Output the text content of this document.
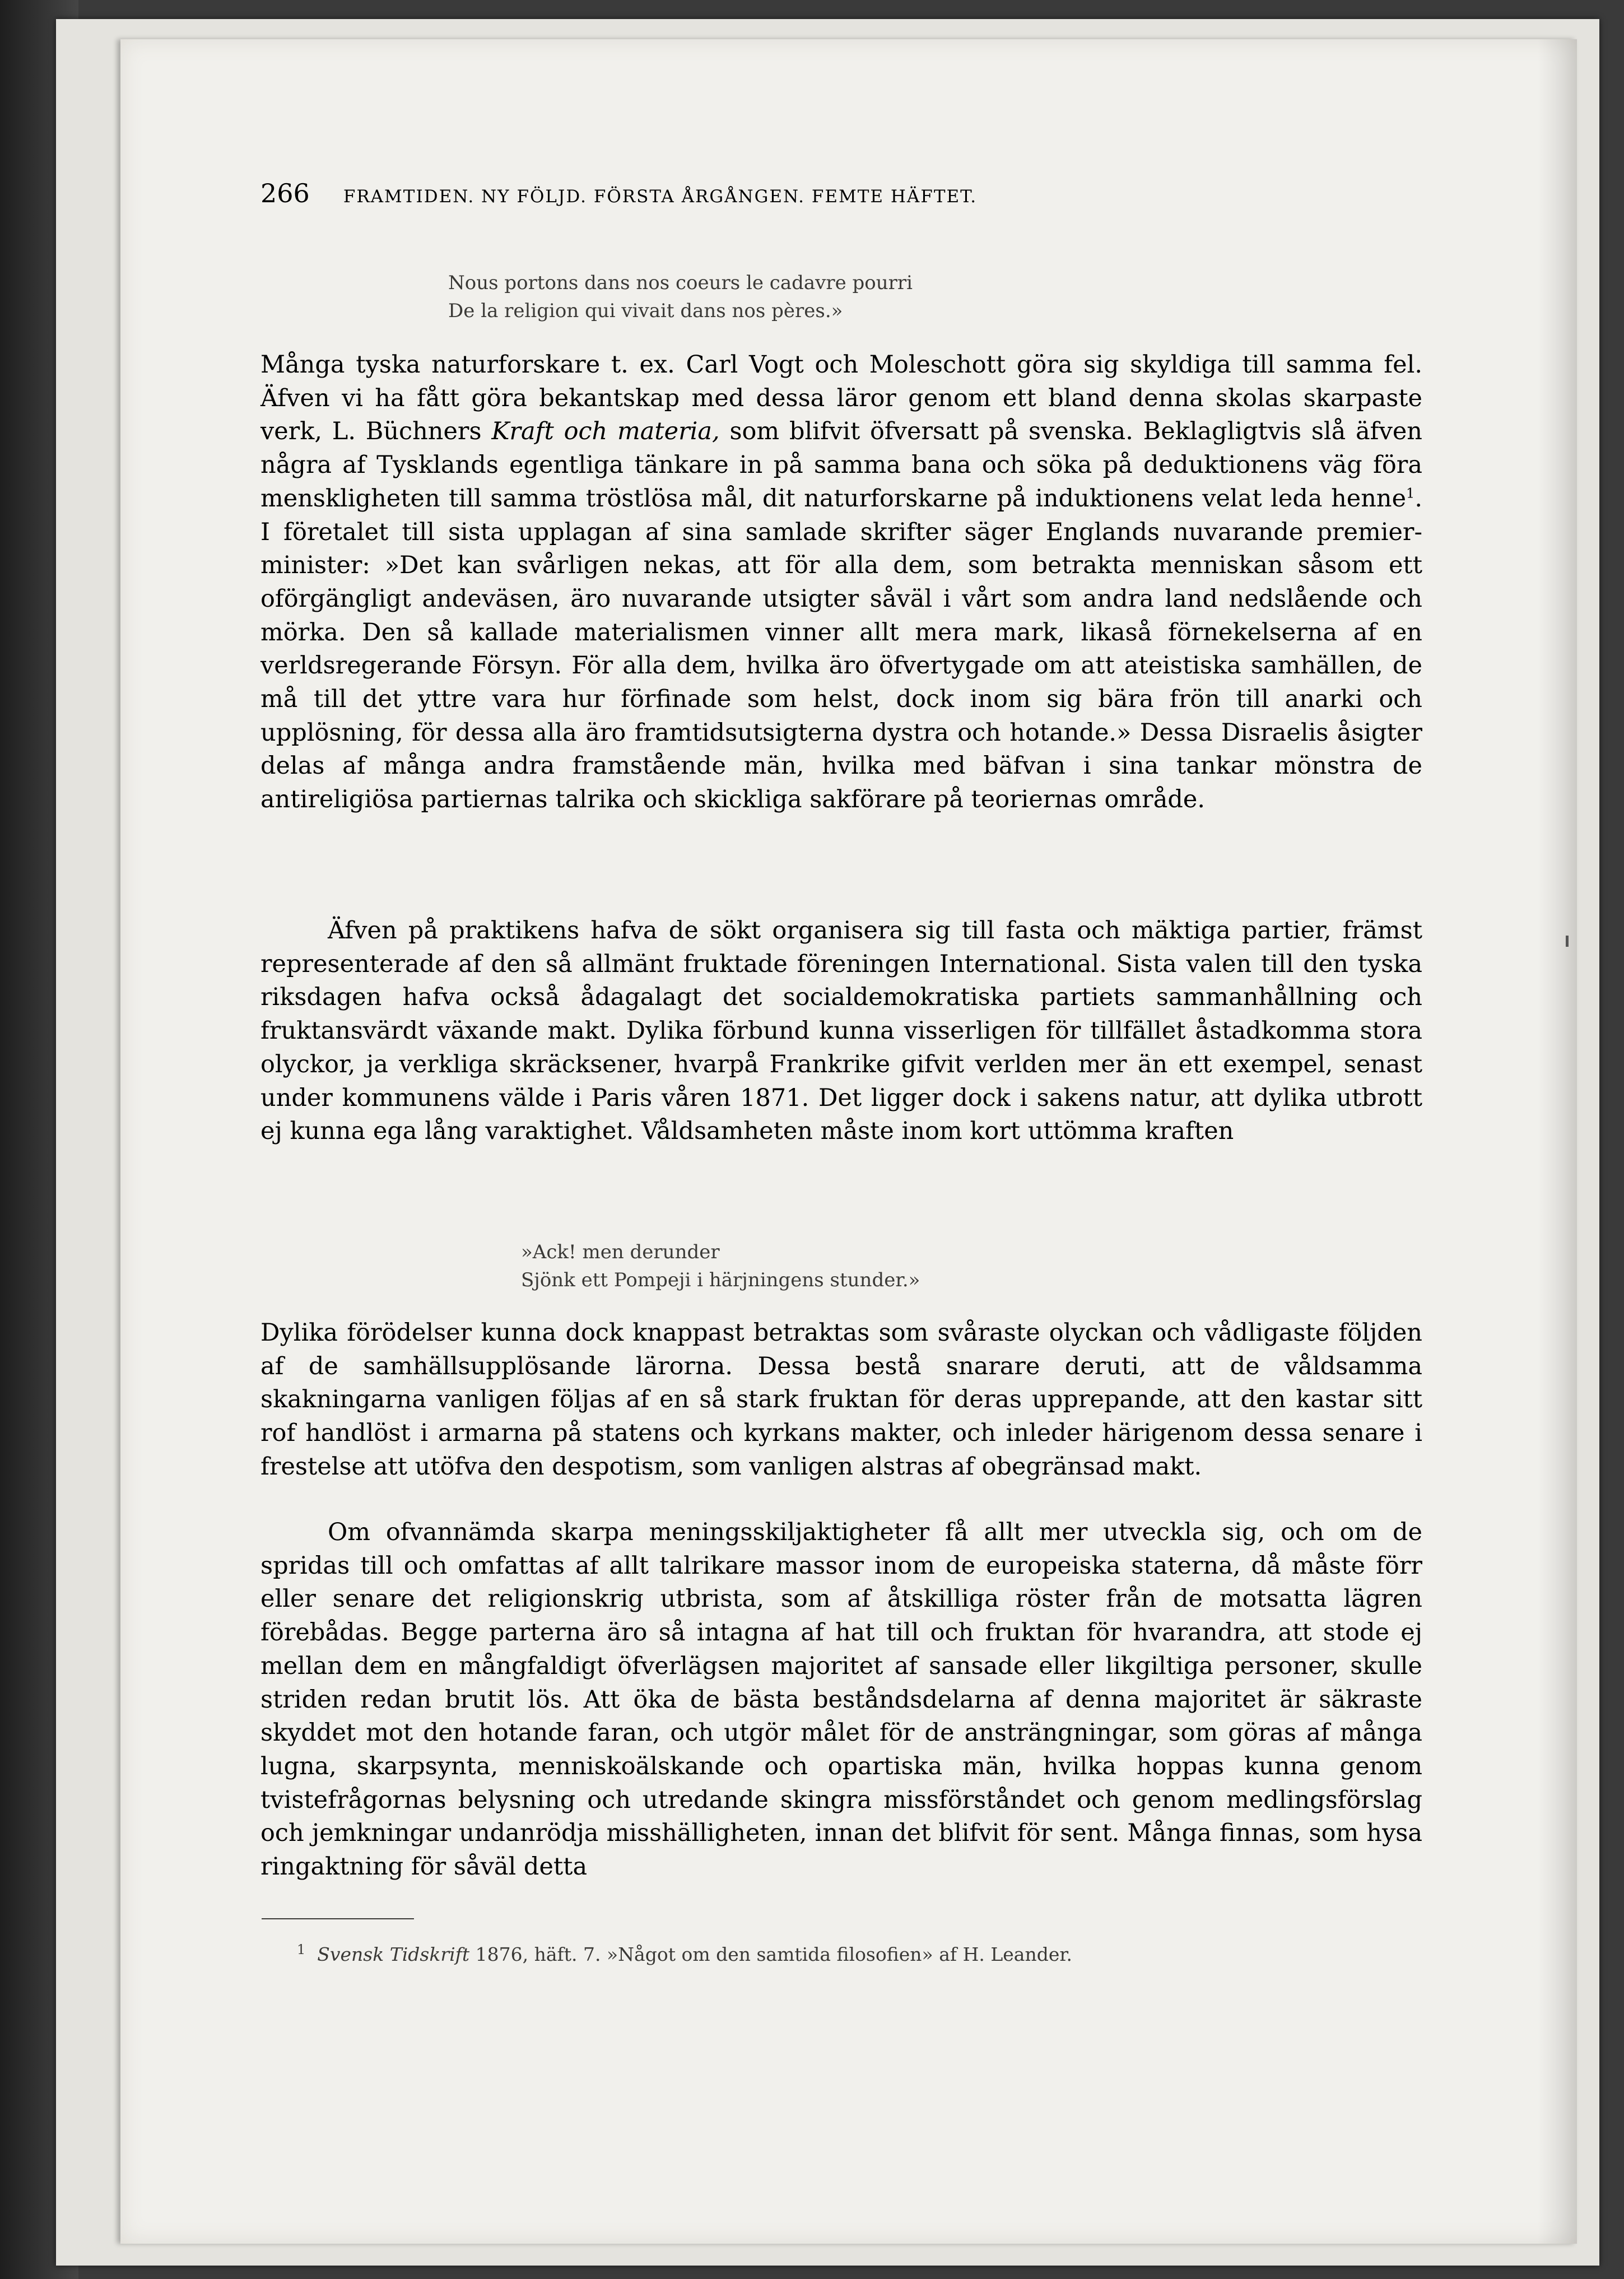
266 FRAMTIDEN. NY FÖLJD. FÖRSTA ÅRGÅNGEN. FEMTE HÄFTET.
Nous portons dans nos coeurs le cadavre pourri
De la religion qui vivait dans nos pères.»

Många tyska naturforskare t. ex. Carl Vogt och Moleschott göra sig skyldiga till samma fel. Äfven vi ha fått göra bekantskap med dessa läror genom ett bland denna skolas skarpaste verk, L. Büchners Kraft och materia, som blifvit öfversatt på svenska. Beklagligtvis slå äfven några af Tysklands egentliga tänkare in på samma bana och söka på deduktionens väg föra menskligheten till samma tröstlösa mål, dit naturforskarne på induktionens velat leda henne$^1$. I företalet till sista upplagan af sina samlade skrifter säger Englands nuvarande premier-minister: »Det kan svårligen nekas, att för alla dem, som betrakta menniskan såsom ett oförgängligt andeväsen, äro nuvarande utsigter såväl i vårt som andra land nedslående och mörka. Den så kallade materialismen vinner allt mera mark, likaså förnekelserna af en verldsregerande Försyn. För alla dem, hvilka äro öfvertygade om att ateistiska samhällen, de må till det yttre vara hur förfinade som helst, dock inom sig bära frön till anarki och upplösning, för dessa alla äro framtidsutsigterna dystra och hotande.» Dessa Disraelis åsigter delas af många andra framstående män, hvilka med bäfvan i sina tankar mönstra de antireligiösa partiernas talrika och skickliga sakförare på teoriernas område.

Äfven på praktikens hafva de sökt organisera sig till fasta och mäktiga partier, främst representerade af den så allmänt fruktade föreningen International. Sista valen till den tyska riksdagen hafva också ådagalagt det socialdemokratiska partiets sammanhållning och fruktansvärdt växande makt. Dylika förbund kunna visserligen för tillfället åstadkomma stora olyckor, ja verkliga skräcksener, hvarpå Frankrike gifvit verlden mer än ett exempel, senast under kommunens välde i Paris våren 1871. Det ligger dock i sakens natur, att dylika utbrott ej kunna ega lång varaktighet. Våldsamheten måste inom kort uttömma kraften

»Ack! men derunder
Sjönk ett Pompeji i härjningens stunder.»

Dylika förödelser kunna dock knappast betraktas som svåraste olyckan och vådligaste följden af de samhällsupplösande lärorna. Dessa bestå snarare deruti, att de våldsamma skakningarna vanligen följas af en så stark fruktan för deras upprepande, att den kastar sitt rof handlöst i armarna på statens och kyrkans makter, och inleder härigenom dessa senare i frestelse att utöfva den despotism, som vanligen alstras af obegränsad makt.

Om ofvannämda skarpa meningsskiljaktigheter få allt mer utveckla sig, och om de spridas till och omfattas af allt talrikare massor inom de europeiska staterna, då måste förr eller senare det religionskrig utbrista, som af åtskilliga röster från de motsatta lägren förebådas. Begge parterna äro så intagna af hat till och fruktan för hvarandra, att stode ej mellan dem en mångfaldigt öfverlägsen majoritet af sansade eller likgiltiga personer, skulle striden redan brutit lös. Att öka de bästa beståndsdelarna af denna majoritet är säkraste skyddet mot den hotande faran, och utgör målet för de ansträngningar, som göras af många lugna, skarpsynta, menniskoälskande och opartiska män, hvilka hoppas kunna genom tvistefrågornas belysning och utredande skingra missförståndet och genom medlingsförslag och jemkningar undanrödja misshälligheten, innan det blifvit för sent. Många finnas, som hysa ringaktning för såväl detta

$^1$ Svensk Tidskrift 1876, häft. 7. »Något om den samtida filosofien» af H. Leander.
